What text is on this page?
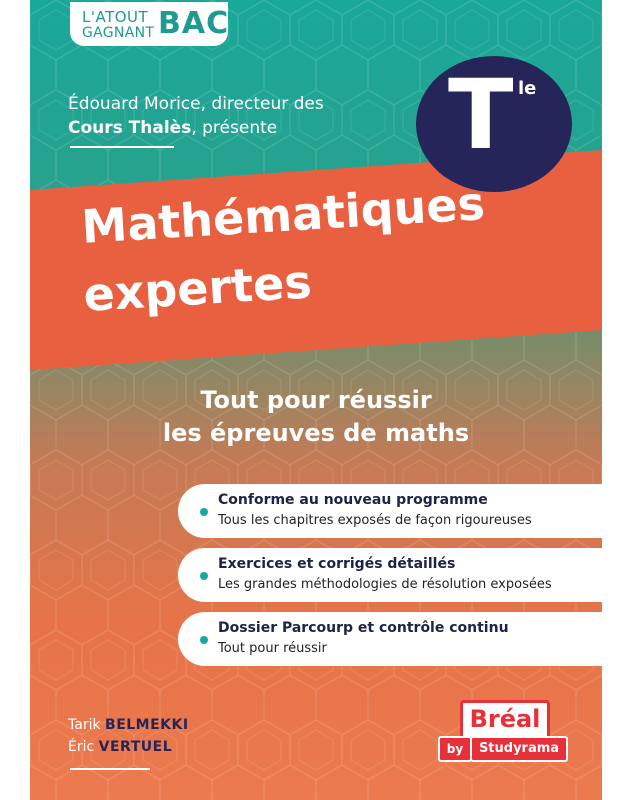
L'ATOUT
GAGNANT BAC
Édouard Morice, directeur des Cours Thalès, présente	T le
Mathématiques
expertes
Tout pour réussir
les épreuves de maths
Conforme au nouveau programme
Tous les chapitres exposés de façon rigoureuses
Exercices et corrigés détaillés
Les grandes méthodologies de résolution exposées
Dossier Parcourp et contrôle continu
Tout pour réussir
Tarik BELMEKKI
Éric VERTUEL
Bréal
by	Studyrama
